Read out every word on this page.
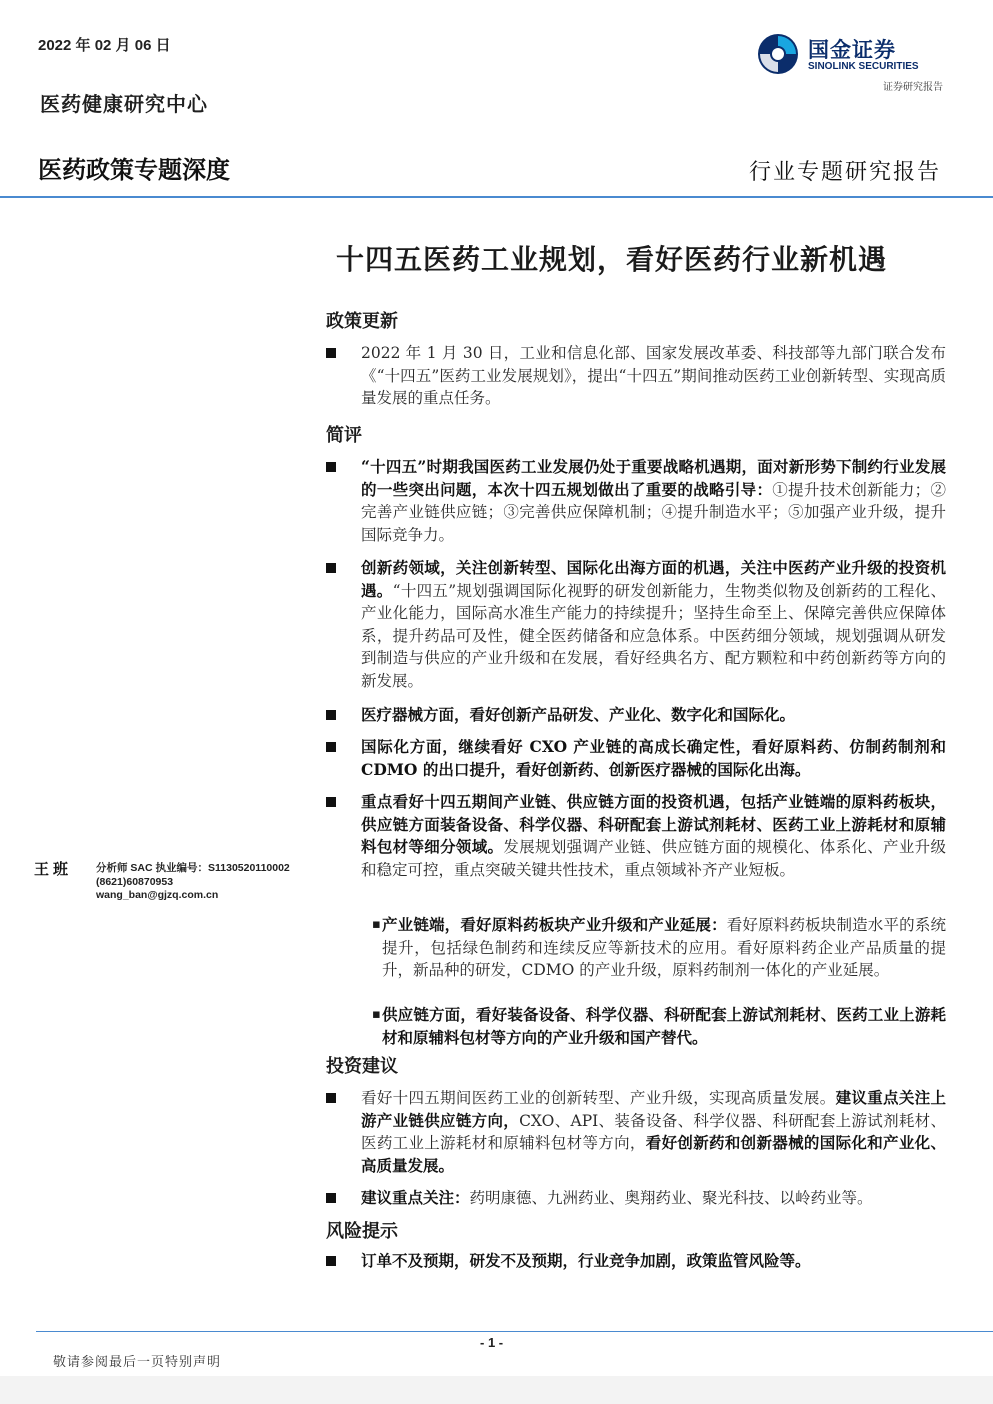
2022 年 02 月 06 日
医药健康研究中心
医药政策专题深度	行业专题研究报告
国金证券
SINOLINK SECURITIES
证券研究报告
十四五医药工业规划，看好医药行业新机遇
政策更新
2022 年 1 月 30 日，工业和信息化部、国家发展改革委、科技部等九部门联合发布《“十四五”医药工业发展规划》，提出“十四五”期间推动医药工业创新转型、实现高质量发展的重点任务。
简评
“十四五”时期我国医药工业发展仍处于重要战略机遇期，面对新形势下制约行业发展的一些突出问题，本次十四五规划做出了重要的战略引导：①提升技术创新能力；②完善产业链供应链；③完善供应保障机制；④提升制造水平；⑤加强产业升级，提升国际竞争力。
创新药领域，关注创新转型、国际化出海方面的机遇，关注中医药产业升级的投资机遇。“十四五”规划强调国际化视野的研发创新能力，生物类似物及创新药的工程化、产业化能力，国际高水准生产能力的持续提升；坚持生命至上、保障完善供应保障体系，提升药品可及性，健全医药储备和应急体系。中医药细分领域，规划强调从研发到制造与供应的产业升级和在发展，看好经典名方、配方颗粒和中药创新药等方向的新发展。
医疗器械方面，看好创新产品研发、产业化、数字化和国际化。
国际化方面，继续看好 CXO 产业链的高成长确定性，看好原料药、仿制药制剂和 CDMO 的出口提升，看好创新药、创新医疗器械的国际化出海。
重点看好十四五期间产业链、供应链方面的投资机遇，包括产业链端的原料药板块，供应链方面装备设备、科学仪器、科研配套上游试剂耗材、医药工业上游耗材和原辅料包材等细分领域。发展规划强调产业链、供应链方面的规模化、体系化、产业升级和稳定可控，重点突破关键共性技术，重点领域补齐产业短板。
▪ 产业链端，看好原料药板块产业升级和产业延展：看好原料药板块制造水平的系统提升，包括绿色制药和连续反应等新技术的应用。看好原料药企业产品质量的提升，新品种的研发，CDMO 的产业升级，原料药制剂一体化的产业延展。
▪ 供应链方面，看好装备设备、科学仪器、科研配套上游试剂耗材、医药工业上游耗材和原辅料包材等方向的产业升级和国产替代。
投资建议
看好十四五期间医药工业的创新转型、产业升级，实现高质量发展。建议重点关注上游产业链供应链方向，CXO、API、装备设备、科学仪器、科研配套上游试剂耗材、医药工业上游耗材和原辅料包材等方向，看好创新药和创新器械的国际化和产业化、高质量发展。
建议重点关注：药明康德、九洲药业、奥翔药业、聚光科技、以岭药业等。
风险提示
订单不及预期，研发不及预期，行业竞争加剧，政策监管风险等。
王班 分析师 SAC 执业编号：S1130520110002
(8621)60870953
wang_ban@gjzq.com.cn
- 1 -
敬请参阅最后一页特别声明
